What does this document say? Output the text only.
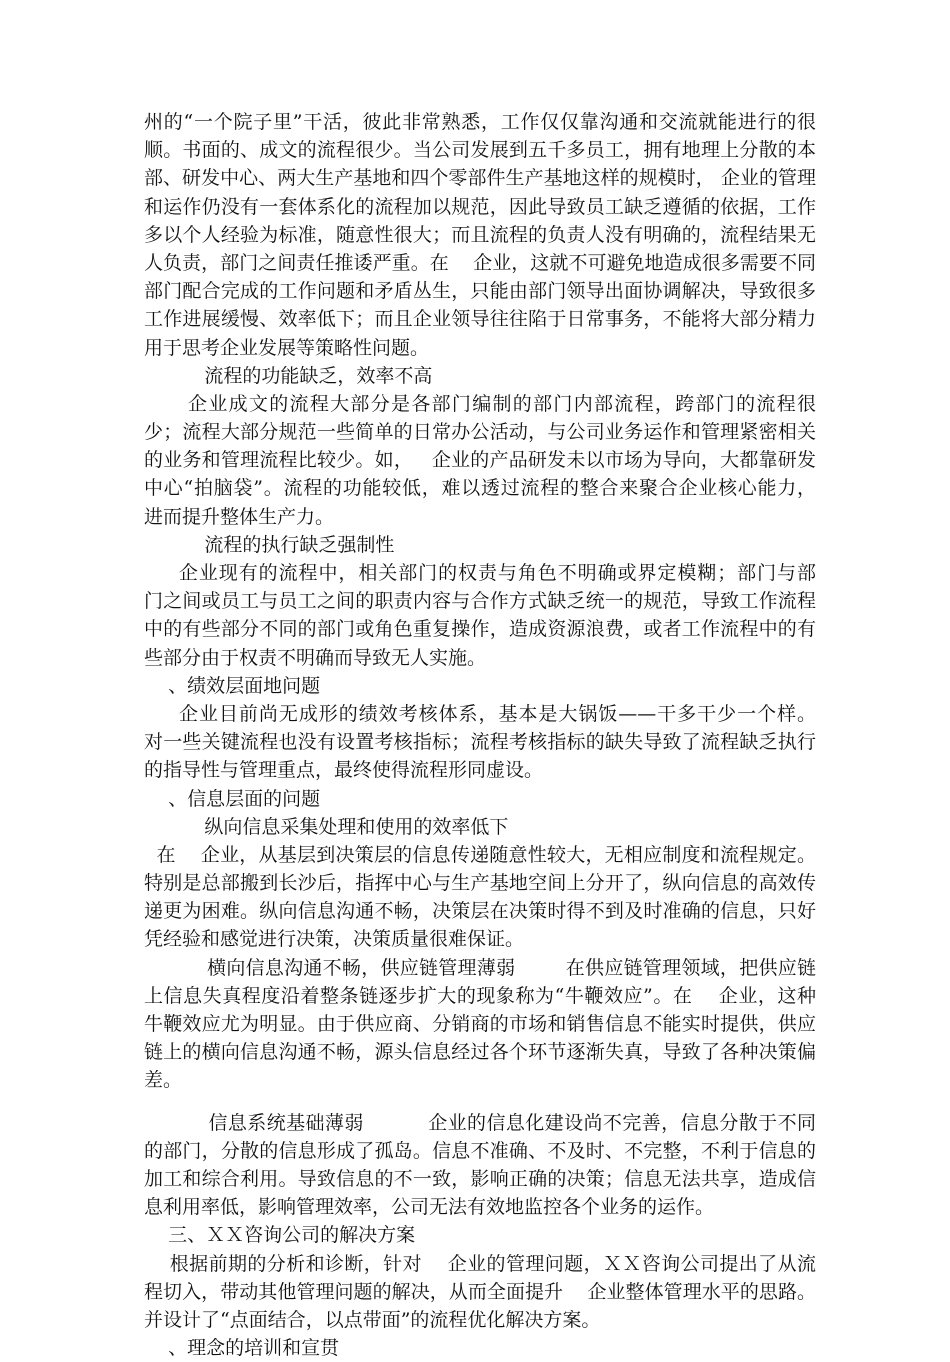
州的“一个院子里”干活，彼此非常熟悉，工作仅仅靠沟通和交流就能进行的很
顺。书面的、成文的流程很少。当公司发展到五千多员工，拥有地理上分散的本
部、研发中心、两大生产基地和四个零部件生产基地这样的规模时， 企业的管理
和运作仍没有一套体系化的流程加以规范，因此导致员工缺乏遵循的依据，工作
多以个人经验为标准，随意性很大；而且流程的负责人没有明确的，流程结果无
人负责，部门之间责任推诿严重。在    企业，这就不可避免地造成很多需要不同
部门配合完成的工作问题和矛盾丛生，只能由部门领导出面协调解决，导致很多
工作进展缓慢、效率低下；而且企业领导往往陷于日常事务，不能将大部分精力
用于思考企业发展等策略性问题。
流程的功能缺乏，效率不高
企业成文的流程大部分是各部门编制的部门内部流程，跨部门的流程很
少；流程大部分规范一些简单的日常办公活动，与公司业务运作和管理紧密相关
的业务和管理流程比较少。如，   企业的产品研发未以市场为导向，大都靠研发
中心“拍脑袋”。流程的功能较低，难以透过流程的整合来聚合企业核心能力，
进而提升整体生产力。
流程的执行缺乏强制性
企业现有的流程中，相关部门的权责与角色不明确或界定模糊；部门与部
门之间或员工与员工之间的职责内容与合作方式缺乏统一的规范，导致工作流程
中的有些部分不同的部门或角色重复操作，造成资源浪费，或者工作流程中的有
些部分由于权责不明确而导致无人实施。
、绩效层面地问题
企业目前尚无成形的绩效考核体系，基本是大锅饭——干多干少一个样。
对一些关键流程也没有设置考核指标；流程考核指标的缺失导致了流程缺乏执行
的指导性与管理重点，最终使得流程形同虚设。
、信息层面的问题
纵向信息采集处理和使用的效率低下
在    企业，从基层到决策层的信息传递随意性较大，无相应制度和流程规定。
特别是总部搬到长沙后，指挥中心与生产基地空间上分开了，纵向信息的高效传
递更为困难。纵向信息沟通不畅，决策层在决策时得不到及时准确的信息，只好
凭经验和感觉进行决策，决策质量很难保证。
横向信息沟通不畅，供应链管理薄弱        在供应链管理领域，把供应链
上信息失真程度沿着整条链逐步扩大的现象称为“牛鞭效应”。在    企业，这种
牛鞭效应尤为明显。由于供应商、分销商的市场和销售信息不能实时提供，供应
链上的横向信息沟通不畅，源头信息经过各个环节逐渐失真，导致了各种决策偏
差。
信息系统基础薄弱          企业的信息化建设尚不完善，信息分散于不同
的部门，分散的信息形成了孤岛。信息不准确、不及时、不完整，不利于信息的
加工和综合利用。导致信息的不一致，影响正确的决策；信息无法共享，造成信
息利用率低，影响管理效率，公司无法有效地监控各个业务的运作。
三、ＸＸ咨询公司的解决方案
根据前期的分析和诊断，针对    企业的管理问题，ＸＸ咨询公司提出了从流
程切入，带动其他管理问题的解决，从而全面提升    企业整体管理水平的思路。
并设计了“点面结合，以点带面”的流程优化解决方案。
、理念的培训和宣贯
